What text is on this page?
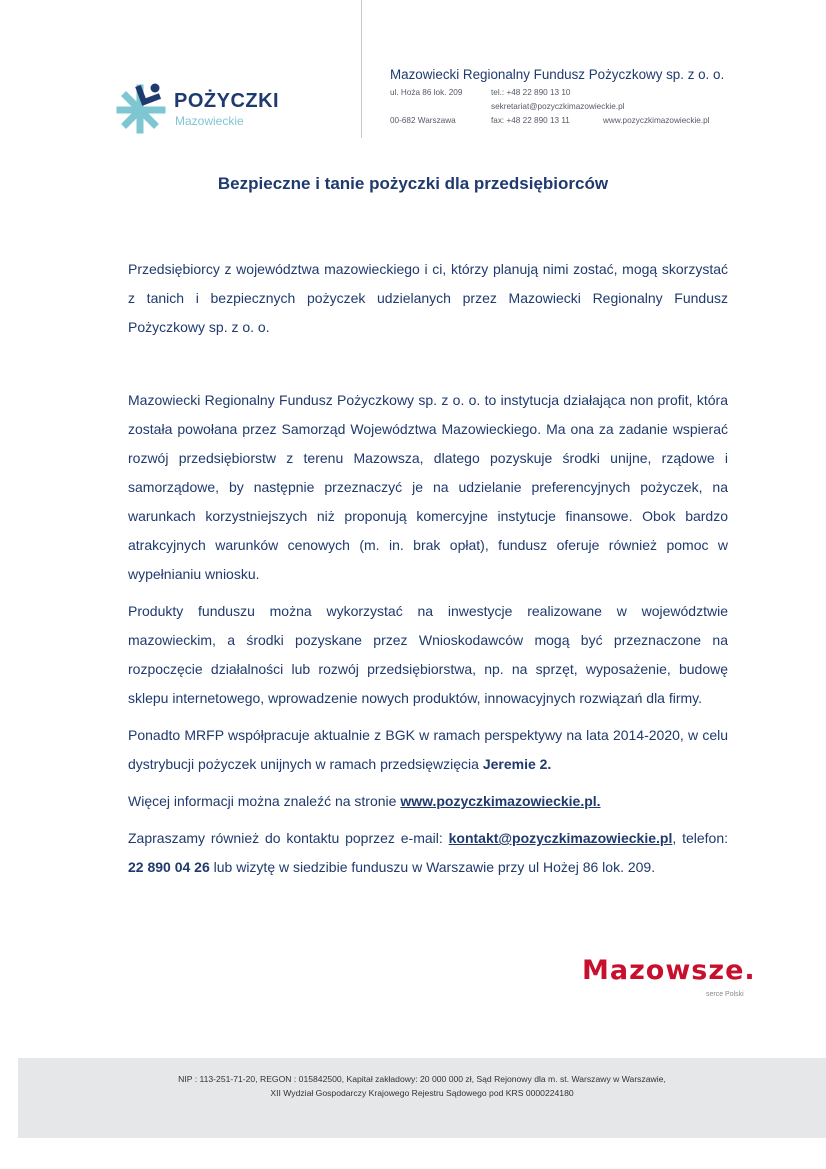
POŻYCZKI
Mazowieckie
Mazowiecki Regionalny Fundusz Pożyczkowy sp. z o. o.
ul. Hoża 86 lok. 209	tel.: +48 22 890 13 10
sekretariat@pozyczkimazowieckie.pl
00-682 Warszawa	fax: +48 22 890 13 11	www.pozyczkimazowieckie.pl
Bezpieczne i tanie pożyczki dla przedsiębiorców

Przedsiębiorcy z województwa mazowieckiego i ci, którzy planują nimi zostać, mogą skorzystać z tanich i bezpiecznych pożyczek udzielanych przez Mazowiecki Regionalny Fundusz Pożyczkowy sp. z o. o.

Mazowiecki Regionalny Fundusz Pożyczkowy sp. z o. o. to instytucja działająca non profit, która została powołana przez Samorząd Województwa Mazowieckiego. Ma ona za zadanie wspierać rozwój przedsiębiorstw z terenu Mazowsza, dlatego pozyskuje środki unijne, rządowe i samorządowe, by następnie przeznaczyć je na udzielanie preferencyjnych pożyczek, na warunkach korzystniejszych niż proponują komercyjne instytucje finansowe. Obok bardzo atrakcyjnych warunków cenowych (m. in. brak opłat), fundusz oferuje również pomoc w wypełnianiu wniosku.

Produkty funduszu można wykorzystać na inwestycje realizowane w województwie mazowieckim, a środki pozyskane przez Wnioskodawców mogą być przeznaczone na rozpoczęcie działalności lub rozwój przedsiębiorstwa, np. na sprzęt, wyposażenie, budowę sklepu internetowego, wprowadzenie nowych produktów, innowacyjnych rozwiązań dla firmy.

Ponadto MRFP współpracuje aktualnie z BGK w ramach perspektywy na lata 2014-2020, w celu dystrybucji pożyczek unijnych w ramach przedsięwzięcia Jeremie 2.

Więcej informacji można znaleźć na stronie www.pozyczkimazowieckie.pl.

Zapraszamy również do kontaktu poprzez e-mail: kontakt@pozyczkimazowieckie.pl, telefon: 22 890 04 26 lub wizytę w siedzibie funduszu w Warszawie przy ul Hożej 86 lok. 209.

Mazowsze.
serce Polski
NIP : 113-251-71-20, REGON : 015842500, Kapitał zakładowy: 20 000 000 zł, Sąd Rejonowy dla m. st. Warszawy w Warszawie,
XII Wydział Gospodarczy Krajowego Rejestru Sądowego pod KRS 0000224180
